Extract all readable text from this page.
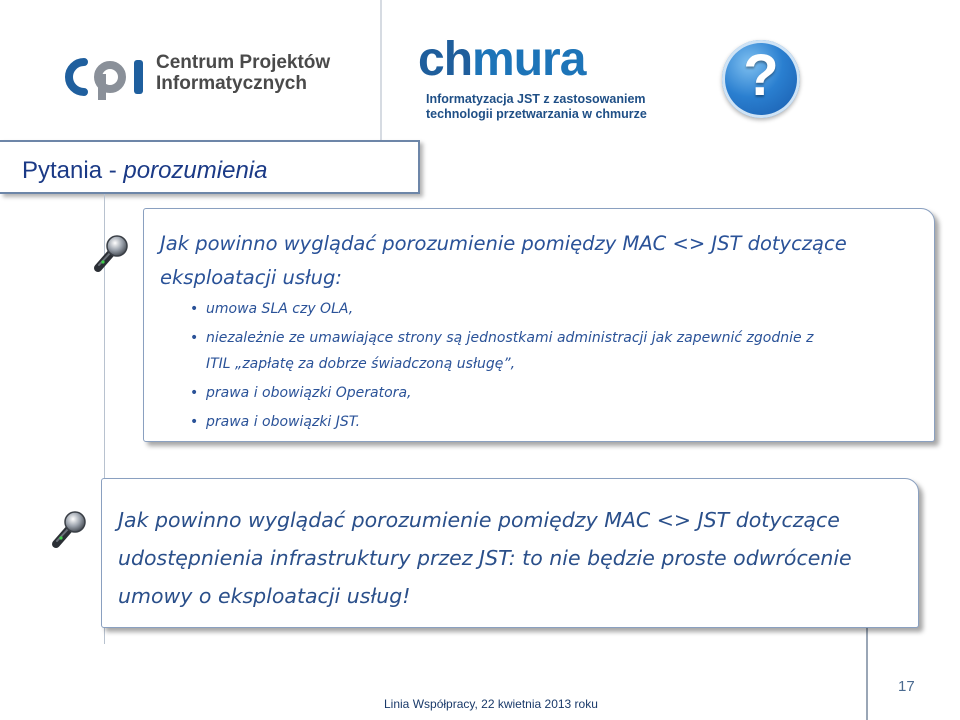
Centrum Projektów
Informatycznych	chmura
Informatyzacja JST z zastosowaniem
technologii przetwarzania w chmurze
?
Pytania - porozumienia
Jak powinno wyglądać porozumienie pomiędzy MAC <> JST dotyczące eksploatacji usług:
• umowa SLA czy OLA,
• niezależnie ze umawiające strony są jednostkami administracji jak zapewnić zgodnie z
ITIL „zapłatę za dobrze świadczoną usługę”,
• prawa i obowiązki Operatora,
• prawa i obowiązki JST.
Jak powinno wyglądać porozumienie pomiędzy MAC <> JST dotyczące udostępnienia infrastruktury przez JST: to nie będzie proste odwrócenie umowy o eksploatacji usług!
Linia Współpracy, 22 kwietnia 2013 roku
17
